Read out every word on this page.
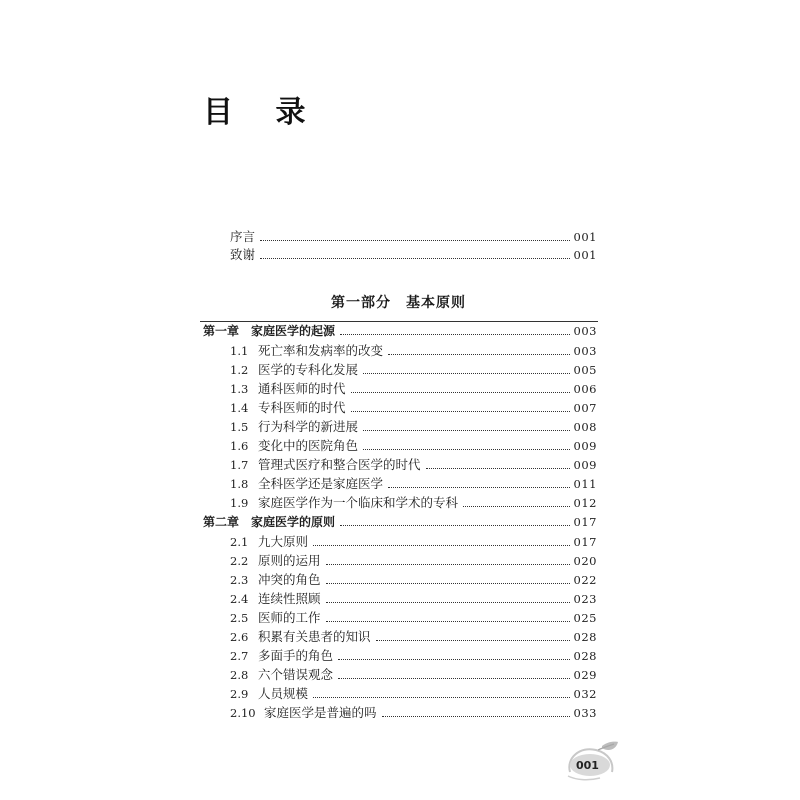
目 录
序言	001
致谢	001
第一部分　基本原则
第一章	家庭医学的起源	003
1.1 死亡率和发病率的改变	003
1.2 医学的专科化发展	005
1.3 通科医师的时代	006
1.4 专科医师的时代	007
1.5 行为科学的新进展	008
1.6 变化中的医院角色	009
1.7 管理式医疗和整合医学的时代	009
1.8 全科医学还是家庭医学	011
1.9 家庭医学作为一个临床和学术的专科	012
第二章	家庭医学的原则	017
2.1 九大原则	017
2.2 原则的运用	020
2.3 冲突的角色	022
2.4 连续性照顾	023
2.5 医师的工作	025
2.6 积累有关患者的知识	028
2.7 多面手的角色	028
2.8 六个错误观念	029
2.9 人员规模	032
2.10 家庭医学是普遍的吗	033
001
